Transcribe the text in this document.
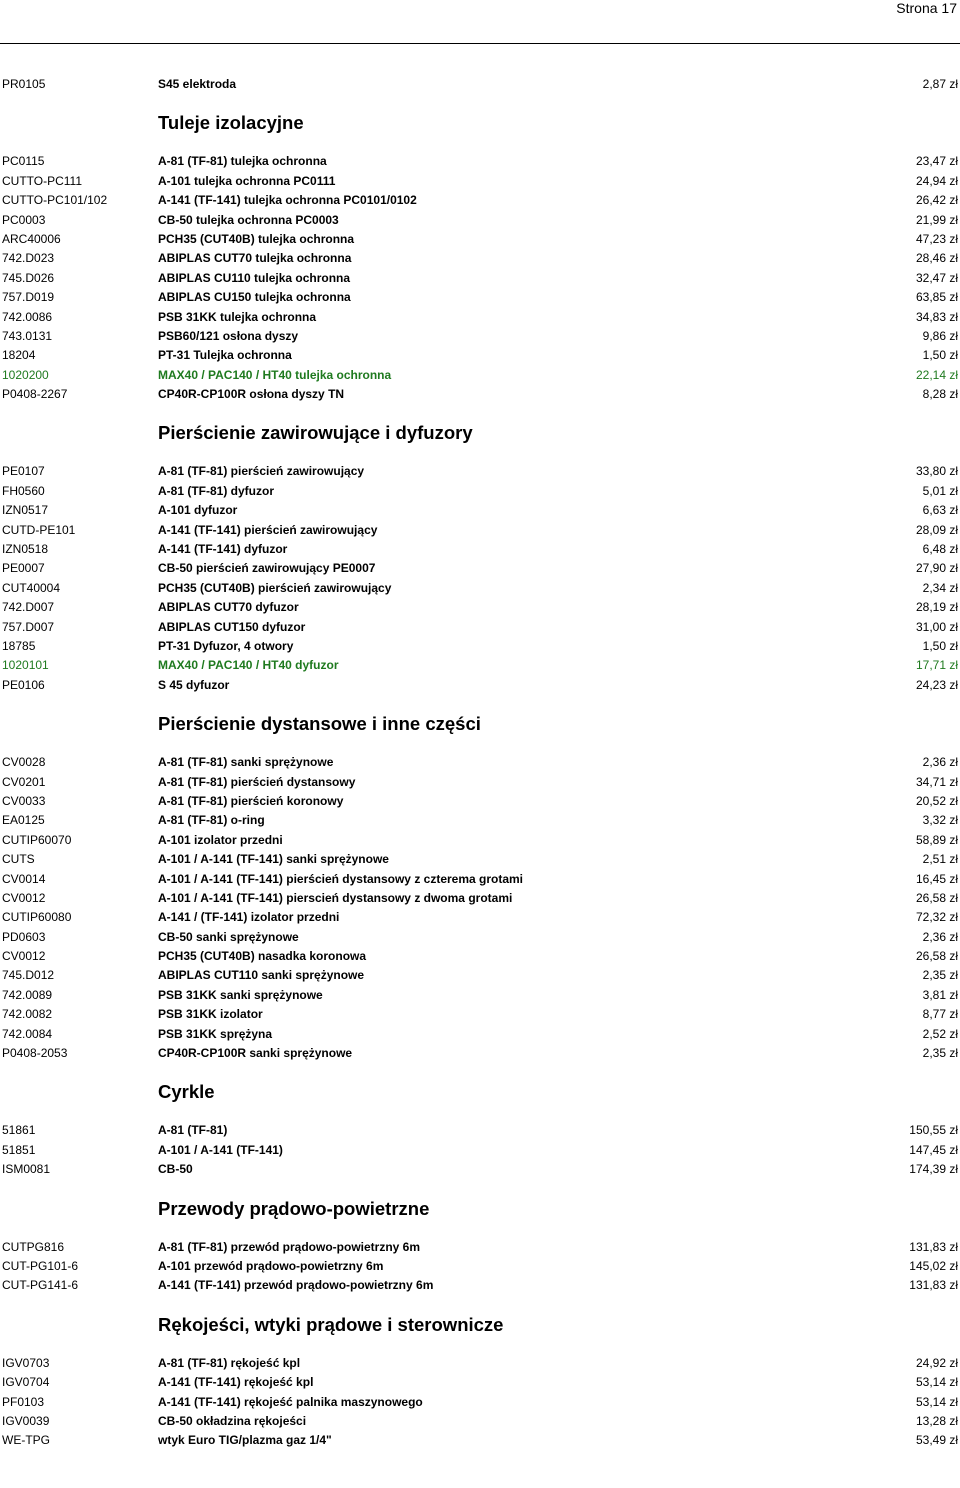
Strona 17
PR0105	S45 elektroda	2,87 zł
Tuleje izolacyjne
PC0115	A-81 (TF-81) tulejka ochronna	23,47 zł
CUTTO-PC111	A-101 tulejka ochronna PC0111	24,94 zł
CUTTO-PC101/102	A-141 (TF-141) tulejka ochronna PC0101/0102	26,42 zł
PC0003	CB-50 tulejka ochronna PC0003	21,99 zł
ARC40006	PCH35 (CUT40B) tulejka ochronna	47,23 zł
742.D023	ABIPLAS CUT70 tulejka ochronna	28,46 zł
745.D026	ABIPLAS CU110 tulejka ochronna	32,47 zł
757.D019	ABIPLAS CU150 tulejka ochronna	63,85 zł
742.0086	PSB 31KK tulejka ochronna	34,83 zł
743.0131	PSB60/121 osłona dyszy	9,86 zł
18204	PT-31 Tulejka ochronna	1,50 zł
1020200	MAX40 / PAC140 / HT40 tulejka ochronna	22,14 zł
P0408-2267	CP40R-CP100R osłona dyszy TN	8,28 zł
Pierścienie zawirowujące i dyfuzory
PE0107	A-81 (TF-81) pierścień zawirowujący	33,80 zł
FH0560	A-81 (TF-81) dyfuzor	5,01 zł
IZN0517	A-101 dyfuzor	6,63 zł
CUTD-PE101	A-141 (TF-141) pierścień zawirowujący	28,09 zł
IZN0518	A-141 (TF-141) dyfuzor	6,48 zł
PE0007	CB-50 pierścień zawirowujący PE0007	27,90 zł
CUT40004	PCH35 (CUT40B) pierścień zawirowujący	2,34 zł
742.D007	ABIPLAS CUT70 dyfuzor	28,19 zł
757.D007	ABIPLAS CUT150 dyfuzor	31,00 zł
18785	PT-31 Dyfuzor, 4 otwory	1,50 zł
1020101	MAX40 / PAC140 / HT40 dyfuzor	17,71 zł
PE0106	S 45 dyfuzor	24,23 zł
Pierścienie dystansowe i inne części
CV0028	A-81 (TF-81) sanki sprężynowe	2,36 zł
CV0201	A-81 (TF-81) pierścień dystansowy	34,71 zł
CV0033	A-81 (TF-81) pierścień koronowy	20,52 zł
EA0125	A-81 (TF-81) o-ring	3,32 zł
CUTIP60070	A-101 izolator przedni	58,89 zł
CUTS	A-101 / A-141 (TF-141) sanki sprężynowe	2,51 zł
CV0014	A-101 / A-141 (TF-141) pierścień dystansowy z czterema grotami	16,45 zł
CV0012	A-101 / A-141 (TF-141) pierscień dystansowy z dwoma grotami	26,58 zł
CUTIP60080	A-141 / (TF-141) izolator przedni	72,32 zł
PD0603	CB-50 sanki sprężynowe	2,36 zł
CV0012	PCH35 (CUT40B) nasadka koronowa	26,58 zł
745.D012	ABIPLAS CUT110 sanki sprężynowe	2,35 zł
742.0089	PSB 31KK sanki sprężynowe	3,81 zł
742.0082	PSB 31KK izolator	8,77 zł
742.0084	PSB 31KK sprężyna	2,52 zł
P0408-2053	CP40R-CP100R sanki sprężynowe	2,35 zł
Cyrkle
51861	A-81 (TF-81)	150,55 zł
51851	A-101 / A-141 (TF-141)	147,45 zł
ISM0081	CB-50	174,39 zł
Przewody prądowo-powietrzne
CUTPG816	A-81 (TF-81) przewód prądowo-powietrzny 6m	131,83 zł
CUT-PG101-6	A-101 przewód prądowo-powietrzny 6m	145,02 zł
CUT-PG141-6	A-141 (TF-141) przewód prądowo-powietrzny 6m	131,83 zł
Rękojeści, wtyki prądowe i sterownicze
IGV0703	A-81 (TF-81) rękojeść kpl	24,92 zł
IGV0704	A-141 (TF-141) rękojeść kpl	53,14 zł
PF0103	A-141 (TF-141) rękojeść palnika maszynowego	53,14 zł
IGV0039	CB-50 okładzina rękojeści	13,28 zł
WE-TPG	wtyk Euro TIG/plazma gaz 1/4"	53,49 zł
